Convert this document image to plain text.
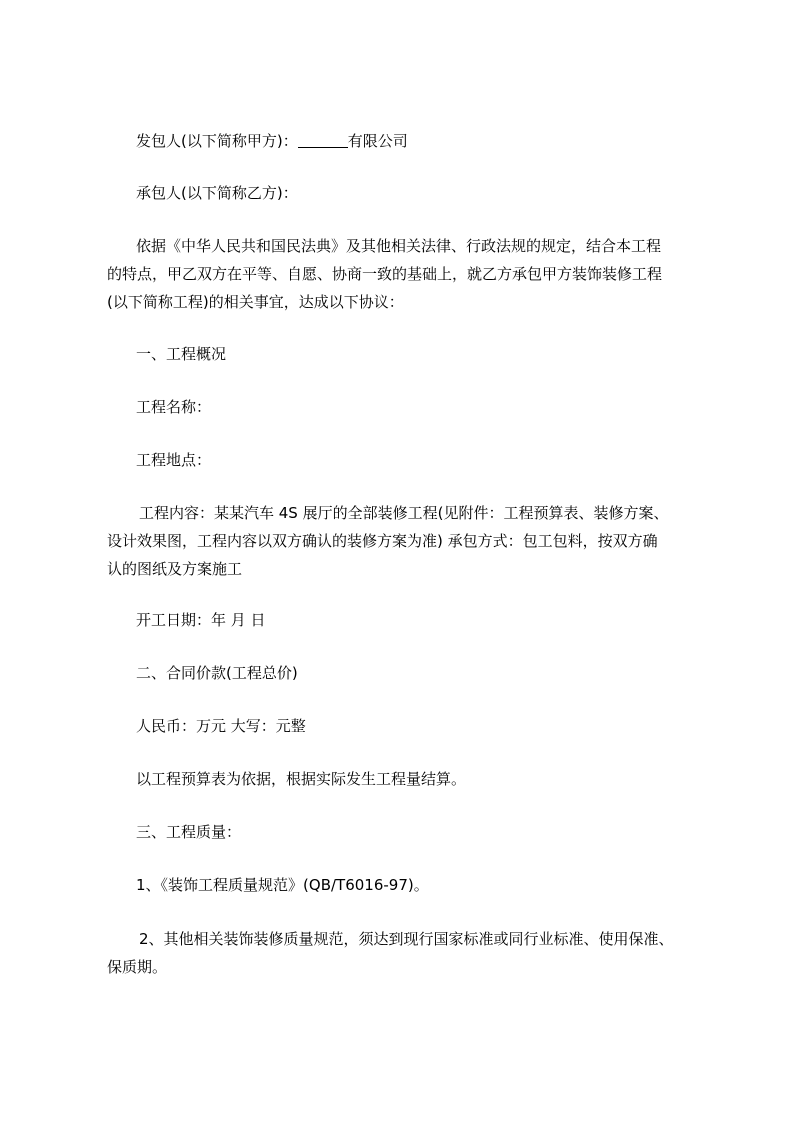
发包人(以下简称甲方)：	有限公司

承包人(以下简称乙方)：

依据《中华人民共和国民法典》及其他相关法律、行政法规的规定，结合本工程

的特点，甲乙双方在平等、自愿、协商一致的基础上，就乙方承包甲方装饰装修工程

(以下简称工程)的相关事宜，达成以下协议：

一、工程概况

工程名称：

工程地点：

工程内容：某某汽车 4S 展厅的全部装修工程(见附件：工程预算表、装修方案、

设计效果图，工程内容以双方确认的装修方案为准) 承包方式：包工包料，按双方确

认的图纸及方案施工

开工日期：年 月 日

二、合同价款(工程总价)

人民币：万元 大写：元整

以工程预算表为依据，根据实际发生工程量结算。

三、工程质量：

1、《装饰工程质量规范》(QB/T6016-97)。

2、其他相关装饰装修质量规范，须达到现行国家标准或同行业标准、使用保准、

保质期。
